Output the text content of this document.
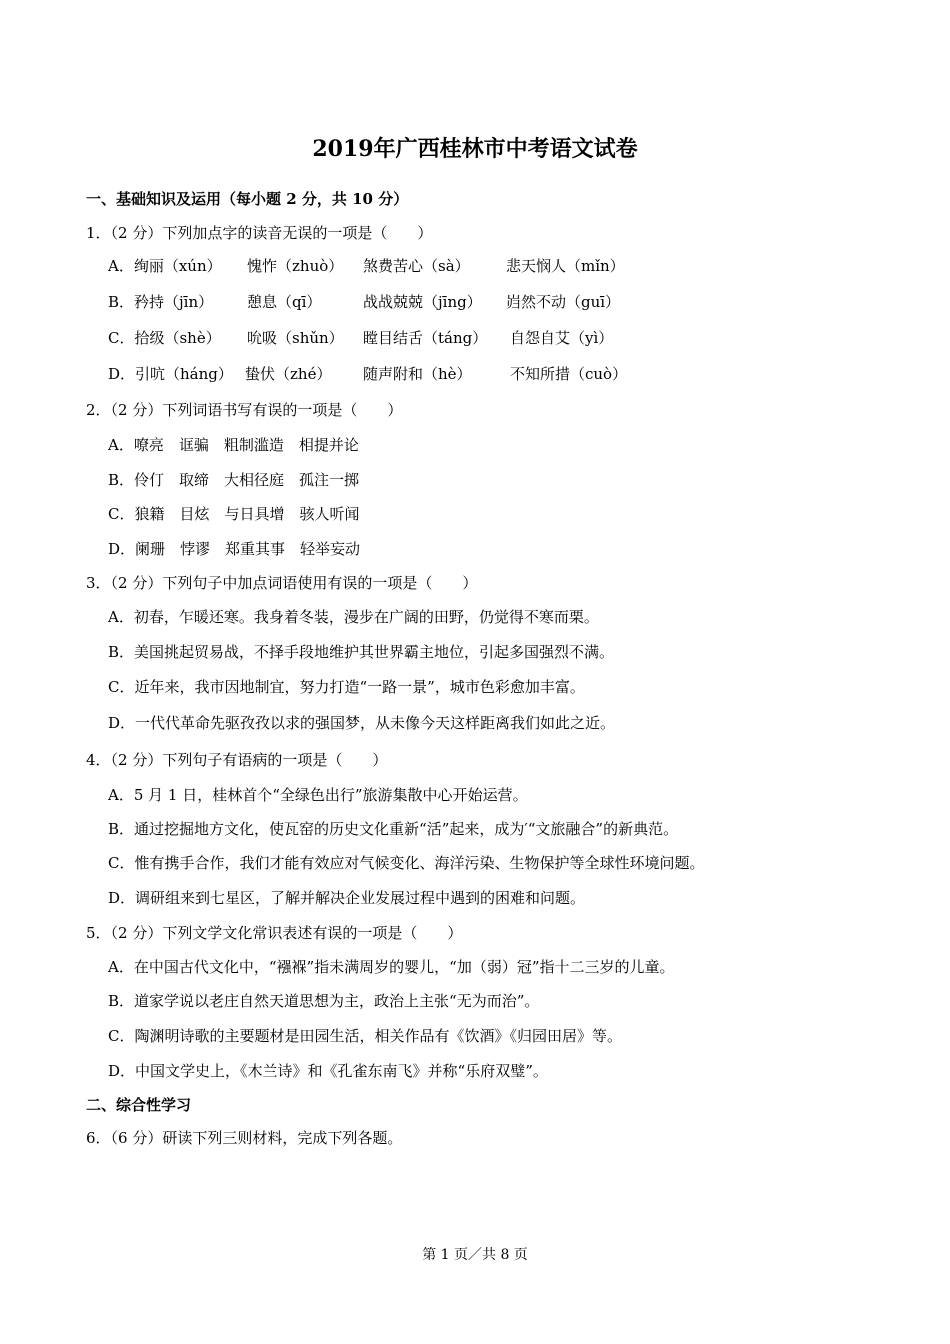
2019年广西桂林市中考语文试卷
一、基础知识及运用（每小题 2 分，共 10 分）
1．（2 分）下列加点字的读音无误的一项是（　　）
A．绚丽（xún） 愧怍（zhuò） 煞费苦心（sà） 悲天悯人（mǐn）
B．矜持（jīn） 憩息（qī）	战战兢兢（jīng） 岿然不动（guī）
C．拾级（shè） 吮吸（shǔn） 瞠目结舌（táng） 自怨自艾（yì）
D．引吭（háng） 蛰伏（zhé） 随声附和（hè）	不知所措（cuò）
2．（2 分）下列词语书写有误的一项是（　　）
A．嘹亮　诓骗　粗制滥造　相提并论
B．伶仃　取缔　大相径庭　孤注一掷
C．狼籍　目炫　与日具增　骇人听闻
D．阑珊　悖谬　郑重其事　轻举妄动
3．（2 分）下列句子中加点词语使用有误的一项是（　　）
A．初春，乍暖还寒。我身着冬装，漫步在广阔的田野，仍觉得不寒而栗。
B．美国挑起贸易战，不择手段地维护其世界霸主地位，引起多国强烈不满。
C．近年来，我市因地制宜，努力打造“一路一景”，城市色彩愈加丰富。
D．一代代革命先驱孜孜以求的强国梦，从未像今天这样距离我们如此之近。
4．（2 分）下列句子有语病的一项是（　　）
A．5 月 1 日，桂林首个“全绿色出行”旅游集散中心开始运营。
B．通过挖掘地方文化，使瓦窑的历史文化重新“活”起来，成为′“文旅融合”的新典范。
C．惟有携手合作，我们才能有效应对气候变化、海洋污染、生物保护等全球性环境问题。
D．调研组来到七星区，了解并解决企业发展过程中遇到的困难和问题。
5．（2 分）下列文学文化常识表述有误的一项是（　　）
A．在中国古代文化中，“襁褓”指未满周岁的婴儿，“加（弱）冠”指十二三岁的儿童。
B．道家学说以老庄自然天道思想为主，政治上主张“无为而治”。
C．陶渊明诗歌的主要题材是田园生活，相关作品有《饮酒》《归园田居》等。
D．中国文学史上，《木兰诗》和《孔雀东南飞》并称“乐府双璧”。
二、综合性学习
6．（6 分）研读下列三则材料，完成下列各题。
第 1 页／共 8 页
